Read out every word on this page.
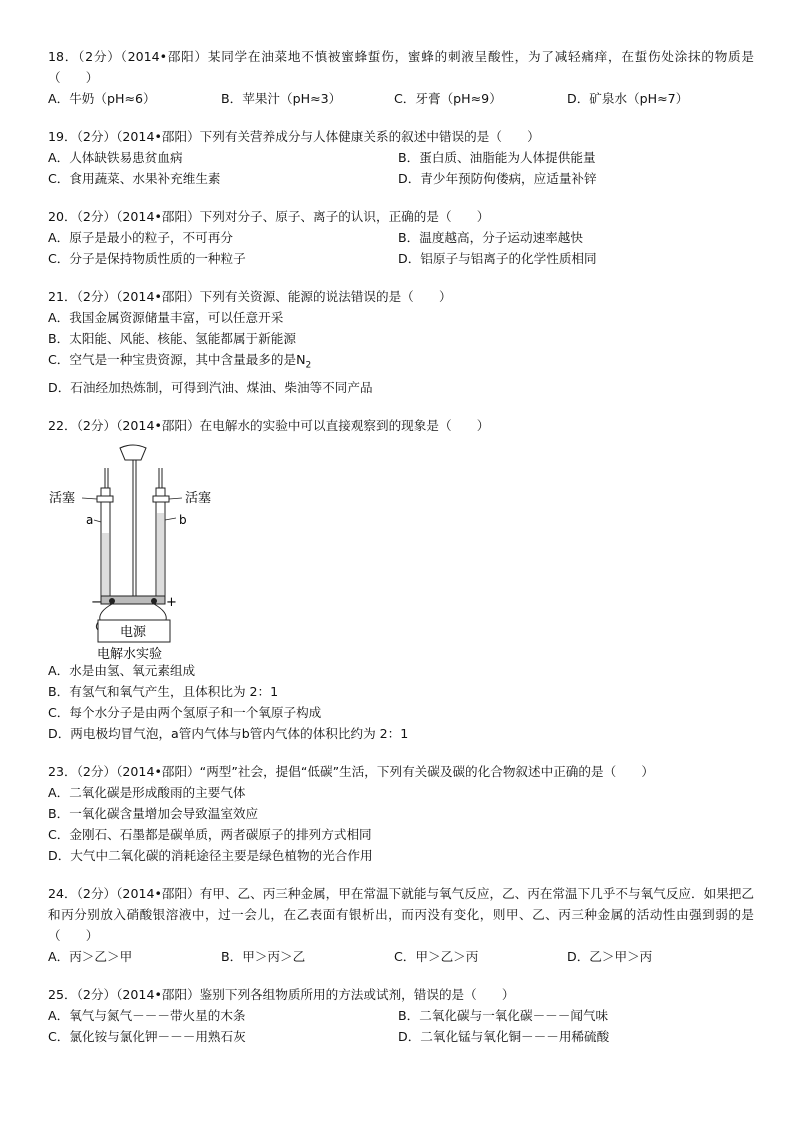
18．（2分）（2014•邵阳）某同学在油菜地不慎被蜜蜂蜇伤，蜜蜂的刺液呈酸性，为了减轻痛痒，在蜇伤处涂抹的物质是（　　）
A．牛奶（pH≈6）	B．苹果汁（pH≈3）	C．牙膏（pH≈9）	D．矿泉水（pH≈7）
19．（2分）（2014•邵阳）下列有关营养成分与人体健康关系的叙述中错误的是（　　）
A．人体缺铁易患贫血病	B．蛋白质、油脂能为人体提供能量
C．食用蔬菜、水果补充维生素	D．青少年预防佝偻病，应适量补锌
20．（2分）（2014•邵阳）下列对分子、原子、离子的认识，正确的是（　　）
A．原子是最小的粒子，不可再分	B．温度越高，分子运动速率越快
C．分子是保持物质性质的一种粒子	D．铝原子与铝离子的化学性质相同
21．（2分）（2014•邵阳）下列有关资源、能源的说法错误的是（　　）
A．我国金属资源储量丰富，可以任意开采
B．太阳能、风能、核能、氢能都属于新能源
C．空气是一种宝贵资源，其中含量最多的是$N_2$
D．石油经加热炼制，可得到汽油、煤油、柴油等不同产品
22．（2分）（2014•邵阳）在电解水的实验中可以直接观察到的现象是（　　）
活塞	活塞
a	b
−	+
电源
电解水实验
A．水是由氢、氧元素组成
B．有氢气和氧气产生，且体积比为 2：1
C．每个水分子是由两个氢原子和一个氧原子构成
D．两电极均冒气泡，a管内气体与b管内气体的体积比约为 2：1
23．（2分）（2014•邵阳）“两型”社会，提倡“低碳”生活，下列有关碳及碳的化合物叙述中正确的是（　　）
A．二氧化碳是形成酸雨的主要气体
B．一氧化碳含量增加会导致温室效应
C．金刚石、石墨都是碳单质，两者碳原子的排列方式相同
D．大气中二氧化碳的消耗途径主要是绿色植物的光合作用
24．（2分）（2014•邵阳）有甲、乙、丙三种金属，甲在常温下就能与氧气反应，乙、丙在常温下几乎不与氧气反应．如果把乙和丙分别放入硝酸银溶液中，过一会儿，在乙表面有银析出，而丙没有变化，则甲、乙、丙三种金属的活动性由强到弱的是（　　）
A．丙＞乙＞甲	B．甲＞丙＞乙	C．甲＞乙＞丙	D．乙＞甲＞丙
25．（2分）（2014•邵阳）鉴别下列各组物质所用的方法或试剂，错误的是（　　）
A．氧气与氮气－－－带火星的木条	B．二氧化碳与一氧化碳－－－闻气味
C．氯化铵与氯化钾－－－用熟石灰	D．二氧化锰与氧化铜－－－用稀硫酸
